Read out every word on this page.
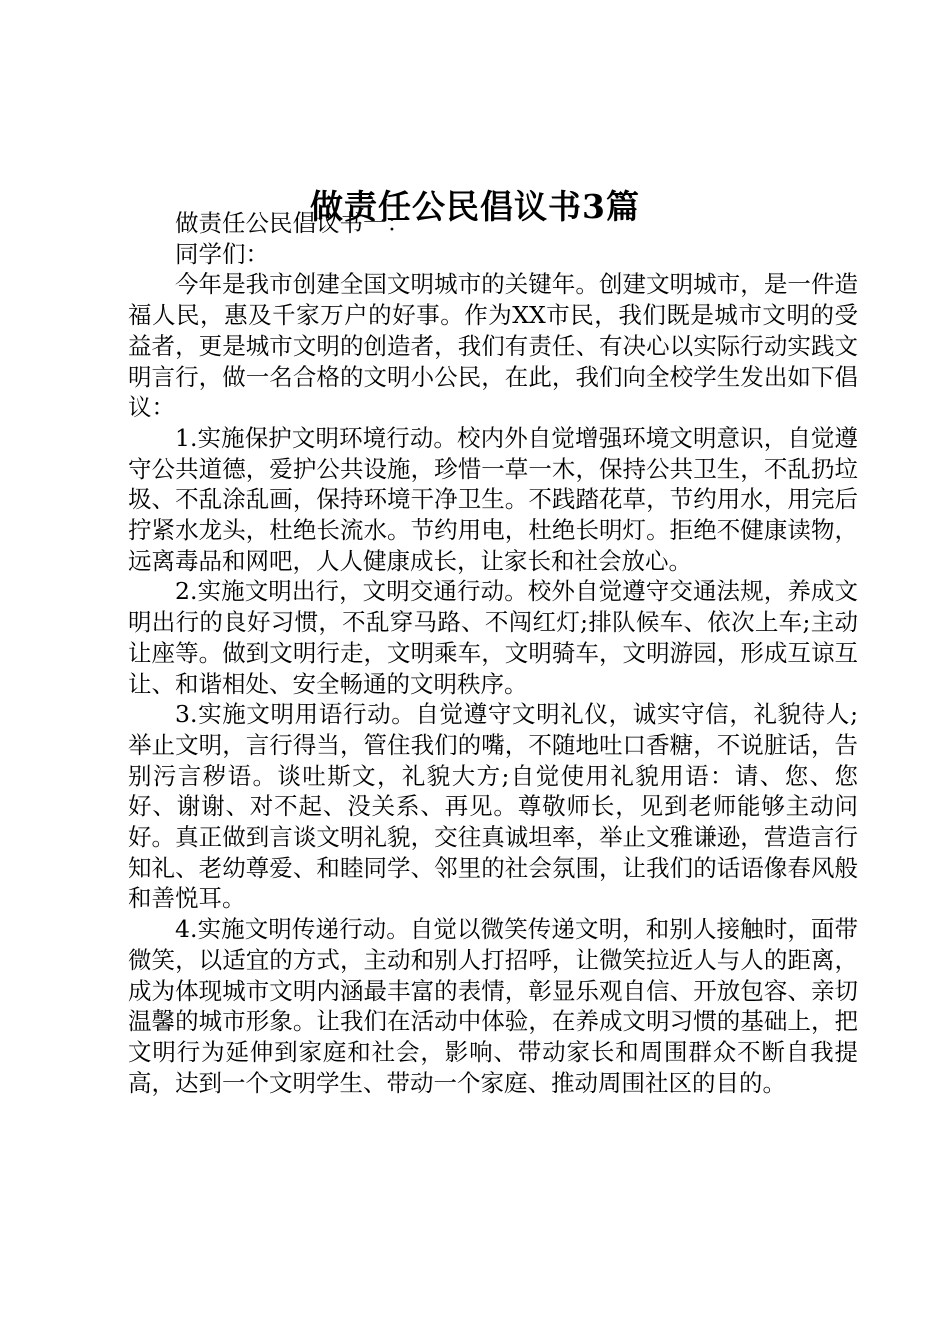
做责任公民倡议书3篇

做责任公民倡议书一：

同学们：

今年是我市创建全国文明城市的关键年。创建文明城市，是一件造福人民，惠及千家万户的好事。作为XX市民，我们既是城市文明的受益者，更是城市文明的创造者，我们有责任、有决心以实际行动实践文明言行，做一名合格的文明小公民，在此，我们向全校学生发出如下倡议：

1.实施保护文明环境行动。校内外自觉增强环境文明意识，自觉遵守公共道德，爱护公共设施，珍惜一草一木，保持公共卫生，不乱扔垃圾、不乱涂乱画，保持环境干净卫生。不践踏花草，节约用水，用完后拧紧水龙头，杜绝长流水。节约用电，杜绝长明灯。拒绝不健康读物，远离毒品和网吧，人人健康成长，让家长和社会放心。

2.实施文明出行，文明交通行动。校外自觉遵守交通法规，养成文明出行的良好习惯，不乱穿马路、不闯红灯;排队候车、依次上车;主动让座等。做到文明行走，文明乘车，文明骑车，文明游园，形成互谅互让、和谐相处、安全畅通的文明秩序。

3.实施文明用语行动。自觉遵守文明礼仪，诚实守信，礼貌待人;举止文明，言行得当，管住我们的嘴，不随地吐口香糖，不说脏话，告别污言秽语。谈吐斯文，礼貌大方;自觉使用礼貌用语：请、您、您好、谢谢、对不起、没关系、再见。尊敬师长，见到老师能够主动问好。真正做到言谈文明礼貌，交往真诚坦率，举止文雅谦逊，营造言行知礼、老幼尊爱、和睦同学、邻里的社会氛围，让我们的话语像春风般和善悦耳。

4.实施文明传递行动。自觉以微笑传递文明，和别人接触时，面带微笑，以适宜的方式，主动和别人打招呼，让微笑拉近人与人的距离，成为体现城市文明内涵最丰富的表情，彰显乐观自信、开放包容、亲切温馨的城市形象。让我们在活动中体验，在养成文明习惯的基础上，把文明行为延伸到家庭和社会，影响、带动家长和周围群众不断自我提高，达到一个文明学生、带动一个家庭、推动周围社区的目的。
